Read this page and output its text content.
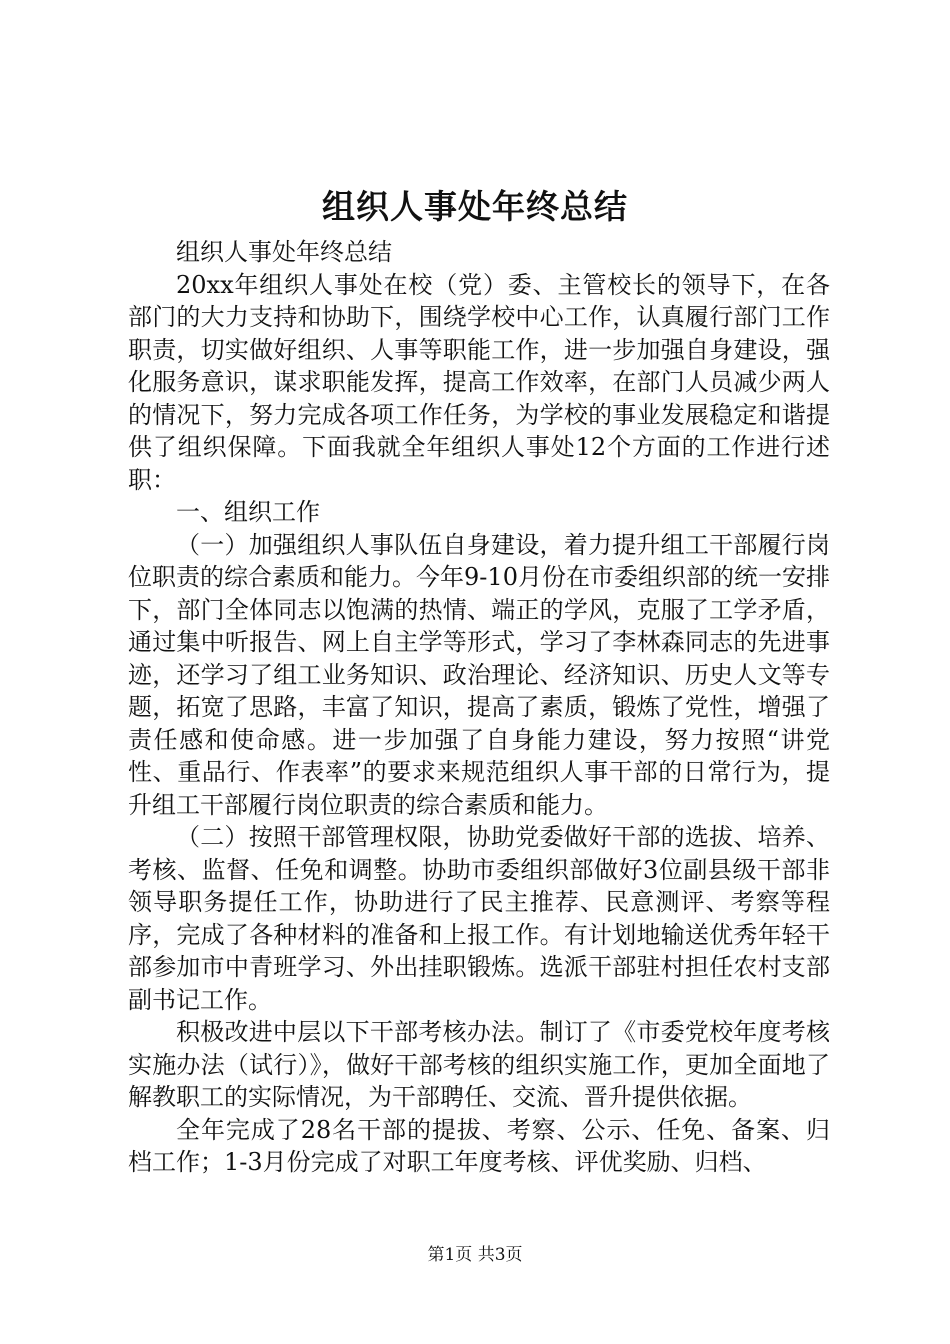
组织人事处年终总结

组织人事处年终总结

20xx年组织人事处在校（党）委、主管校长的领导下，在各部门的大力支持和协助下，围绕学校中心工作，认真履行部门工作职责，切实做好组织、人事等职能工作，进一步加强自身建设，强化服务意识，谋求职能发挥，提高工作效率，在部门人员减少两人的情况下，努力完成各项工作任务，为学校的事业发展稳定和谐提供了组织保障。下面我就全年组织人事处12个方面的工作进行述职：

一、组织工作

（一）加强组织人事队伍自身建设，着力提升组工干部履行岗位职责的综合素质和能力。今年9-10月份在市委组织部的统一安排下，部门全体同志以饱满的热情、端正的学风，克服了工学矛盾，通过集中听报告、网上自主学等形式，学习了李林森同志的先进事迹，还学习了组工业务知识、政治理论、经济知识、历史人文等专题，拓宽了思路，丰富了知识，提高了素质，锻炼了党性，增强了责任感和使命感。进一步加强了自身能力建设，努力按照“讲党性、重品行、作表率”的要求来规范组织人事干部的日常行为，提升组工干部履行岗位职责的综合素质和能力。

（二）按照干部管理权限，协助党委做好干部的选拔、培养、考核、监督、任免和调整。协助市委组织部做好3位副县级干部非领导职务提任工作，协助进行了民主推荐、民意测评、考察等程序，完成了各种材料的准备和上报工作。有计划地输送优秀年轻干部参加市中青班学习、外出挂职锻炼。选派干部驻村担任农村支部副书记工作。

积极改进中层以下干部考核办法。制订了《市委党校年度考核实施办法（试行）》，做好干部考核的组织实施工作，更加全面地了解教职工的实际情况，为干部聘任、交流、晋升提供依据。

全年完成了28名干部的提拔、考察、公示、任免、备案、归档工作；1-3月份完成了对职工年度考核、评优奖励、归档、

第1页 共3页
